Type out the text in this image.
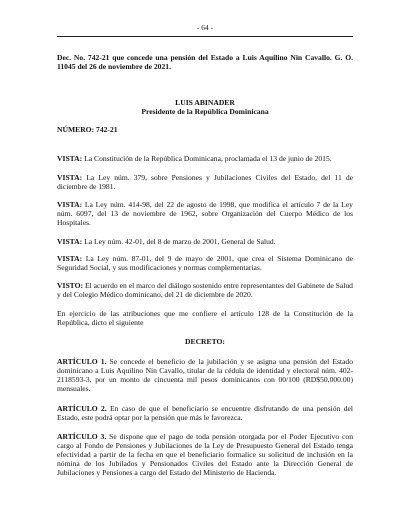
- 64 -

Dec. No. 742-21 que concede una pensión del Estado a Luis Aquilino Nin Cavallo. G. O. 11045 del 26 de noviembre de 2021.

LUIS ABINADER

Presidente de la República Dominicana

NÚMERO: 742-21

VISTA: La Constitución de la República Dominicana, proclamada el 13 de junio de 2015.

VISTA: La Ley núm. 379, sobre Pensiones y Jubilaciones Civiles del Estado, del 11 de diciembre de 1981.

VISTA: La Ley núm. 414-98, del 22 de agosto de 1998, que modifica el artículo 7 de la Ley núm. 6097, del 13 de noviembre de 1962, sobre Organización del Cuerpo Médico de los Hospitales.

VISTA: La Ley núm. 42-01, del 8 de marzo de 2001, General de Salud.

VISTA: La Ley núm. 87-01, del 9 de mayo de 2001, que crea el Sistema Dominicano de Seguridad Social, y sus modificaciones y normas complementarias.

VISTO: El acuerdo en el marco del diálogo sostenido entre representantes del Gabinete de Salud y del Colegio Médico dominicano, del 21 de diciembre de 2020.

En ejercicio de las atribuciones que me confiere el artículo 128 de la Constitución de la República, dicto el siguiente

DECRETO:

ARTÍCULO 1. Se concede el beneficio de la jubilación y se asigna una pensión del Estado dominicano a Luis Aquilino Nin Cavallo, titular de la cédula de identidad y electoral núm. 402-2118593-3, por un monto de cincuenta mil pesos dominicanos con 00/100 (RD$50,000.00) mensuales.

ARTÍCULO 2. En caso de que el beneficiario se encuentre disfrutando de una pensión del Estado, este podrá optar por la pensión que más le favorezca.

ARTÍCULO 3. Se dispone que el pago de toda pensión otorgada por el Poder Ejecutivo con cargo al Fondo de Pensiones y Jubilaciones de la Ley de Presupuesto General del Estado tenga efectividad a partir de la fecha en que el beneficiario formalice su solicitud de inclusión en la nómina de los Jubilados y Pensionados Civiles del Estado ante la Dirección General de Jubilaciones y Pensiones a cargo del Estado del Ministerio de Hacienda.
